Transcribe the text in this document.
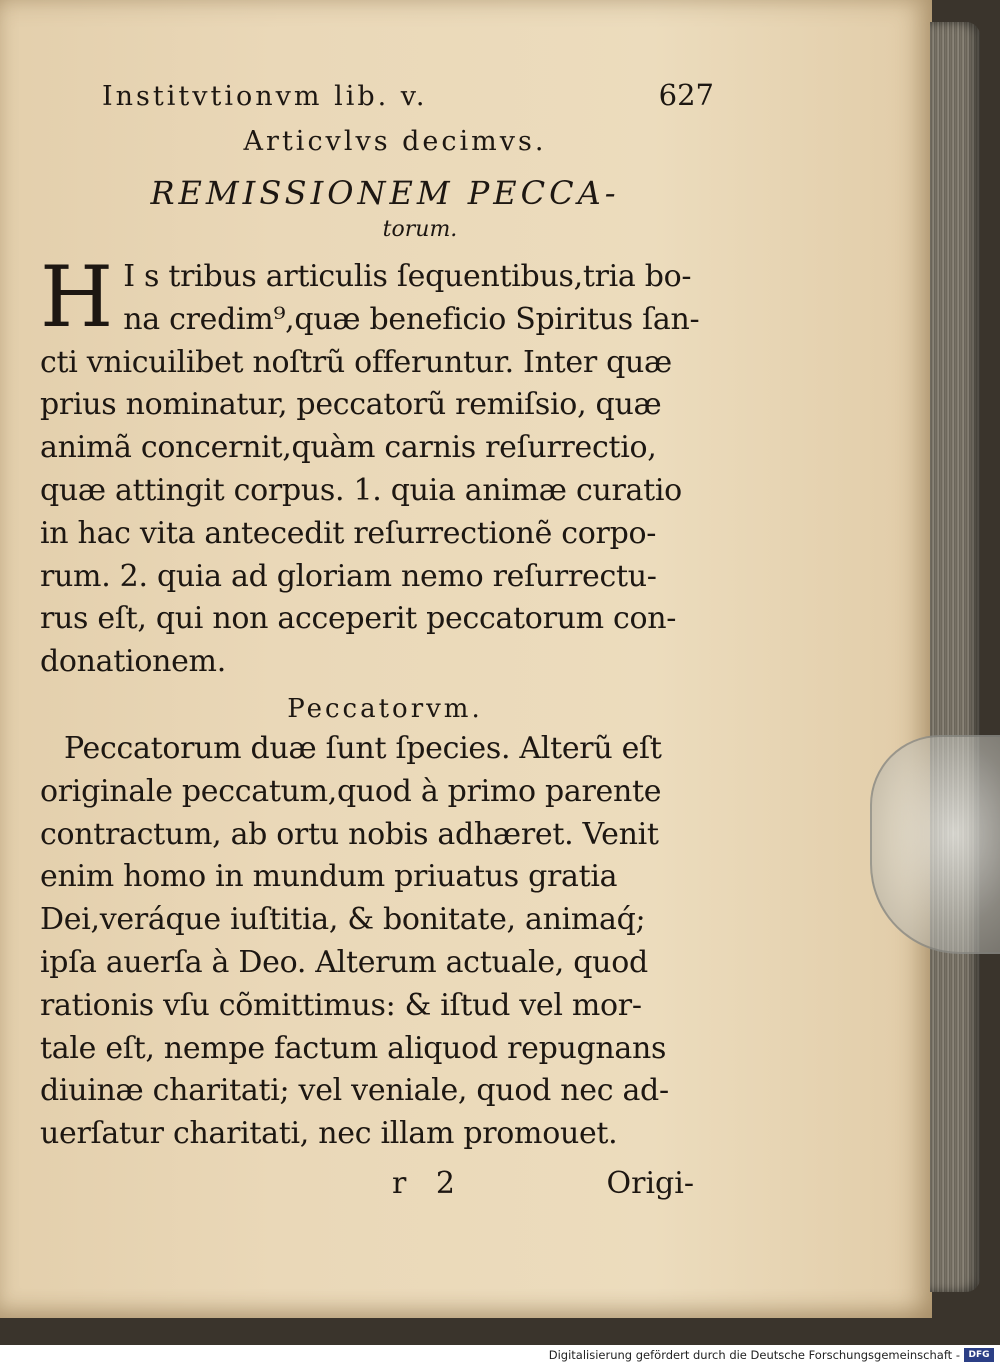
Institvtionvm lib. v.	627
Articvlvs decimvs.
REMISSIONEM PECCA-
torum.
H I s tribus articulis ſequentibus,tria bo-

na credim⁹,quæ beneficio Spiritus ſan-

cti vnicuilibet noſtrũ offeruntur. Inter quæ

prius nominatur, peccatorũ remiſsio, quæ

animã concernit,quàm carnis reſurrectio,

quæ attingit corpus. 1. quia animæ curatio

in hac vita antecedit reſurrectionẽ corpo-

rum. 2. quia ad gloriam nemo reſurrectu-

rus eſt, qui non acceperit peccatorum con-

donationem.

Peccatorvm.

Peccatorum duæ ſunt ſpecies. Alterũ eſt

originale peccatum,quod à primo parente

contractum, ab ortu nobis adhæret. Venit

enim homo in mundum priuatus gratia

Dei,veráque iuſtitia, & bonitate, animaq́;

ipſa auerſa à Deo. Alterum actuale, quod

rationis vſu cõmittimus: & iſtud vel mor-

tale eſt, nempe factum aliquod repugnans

diuinæ charitati; vel veniale, quod nec ad-

uerſatur charitati, nec illam promouet.

r 2	Origi-
Digitalisierung gefördert durch die Deutsche Forschungsgemeinschaft - DFG
